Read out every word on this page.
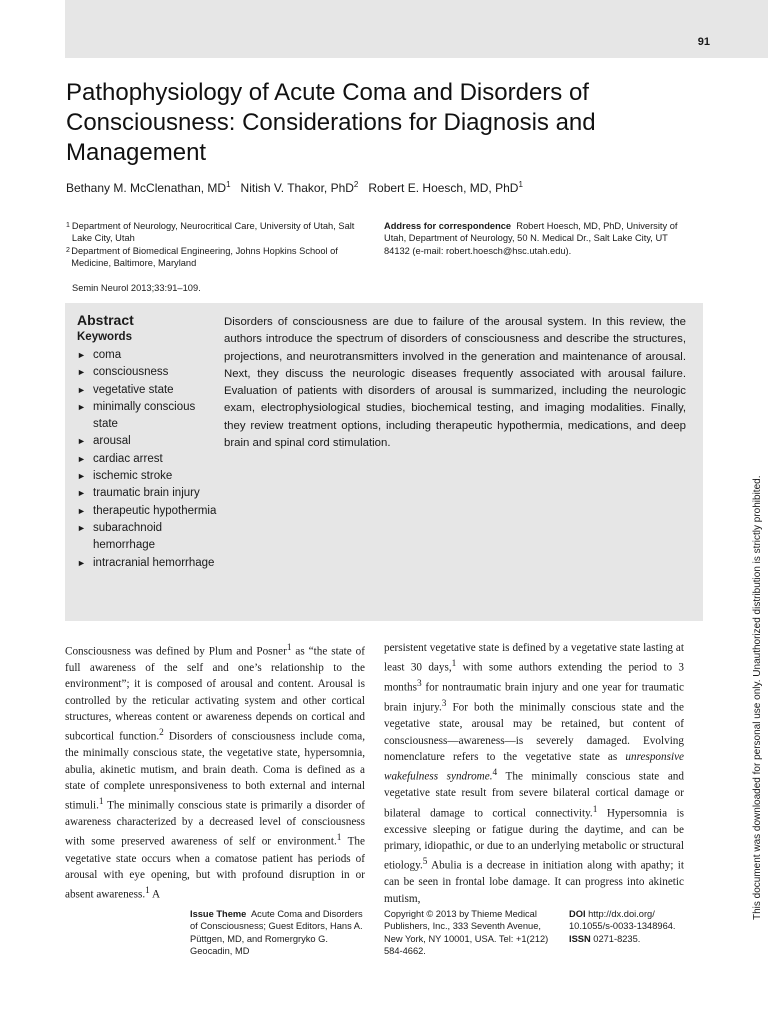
91
Pathophysiology of Acute Coma and Disorders of Consciousness: Considerations for Diagnosis and Management
Bethany M. McClenathan, $MD^1$ Nitish V. Thakor, PhD$^2$ Robert E. Hoesch, MD, PhD$^1$
1 Department of Neurology, Neurocritical Care, University of Utah, Salt Lake City, Utah
2 Department of Biomedical Engineering, Johns Hopkins School of Medicine, Baltimore, Maryland
Address for correspondence Robert Hoesch, MD, PhD, University of Utah, Department of Neurology, 50 N. Medical Dr., Salt Lake City, UT 84132 (e-mail: robert.hoesch@hsc.utah.edu).
Semin Neurol 2013;33:91–109.
Abstract
Keywords
► coma
► consciousness
► vegetative state
► minimally conscious state
► arousal
► cardiac arrest
► ischemic stroke
► traumatic brain injury
► therapeutic hypothermia
► subarachnoid hemorrhage
► intracranial hemorrhage
Disorders of consciousness are due to failure of the arousal system. In this review, the authors introduce the spectrum of disorders of consciousness and describe the structures, projections, and neurotransmitters involved in the generation and maintenance of arousal. Next, they discuss the neurologic diseases frequently associated with arousal failure. Evaluation of patients with disorders of arousal is summarized, including the neurologic exam, electrophysiological studies, biochemical testing, and imaging modalities. Finally, they review treatment options, including therapeutic hypothermia, medications, and deep brain and spinal cord stimulation.
Consciousness was defined by Plum and Posner$^1$ as “the state of full awareness of the self and one’s relationship to the environment”; it is composed of arousal and content. Arousal is controlled by the reticular activating system and other cortical structures, whereas content or awareness depends on cortical and subcortical function.$^2$ Disorders of consciousness include coma, the minimally conscious state, the vegetative state, hypersomnia, abulia, akinetic mutism, and brain death. Coma is defined as a state of complete unresponsiveness to both external and internal stimuli.$^1$ The minimally conscious state is primarily a disorder of awareness characterized by a decreased level of consciousness with some preserved awareness of self or environment.$^1$ The vegetative state occurs when a comatose patient has periods of arousal with eye opening, but with profound disruption in or absent awareness.$^1$ A
persistent vegetative state is defined by a vegetative state lasting at least 30 days,$^1$ with some authors extending the period to 3 months$^3$ for nontraumatic brain injury and one year for traumatic brain injury.$^3$ For both the minimally conscious state and the vegetative state, arousal may be retained, but content of consciousness—awareness—is severely damaged. Evolving nomenclature refers to the vegetative state as unresponsive wakefulness syndrome.$^4$ The minimally conscious state and vegetative state result from severe bilateral cortical damage or bilateral damage to cortical connectivity.$^1$ Hypersomnia is excessive sleeping or fatigue during the daytime, and can be primary, idiopathic, or due to an underlying metabolic or structural etiology.$^5$ Abulia is a decrease in initiation along with apathy; it can be seen in frontal lobe damage. It can progress into akinetic mutism,
Issue Theme Acute Coma and Disorders of Consciousness; Guest Editors, Hans A. Püttgen, MD, and Romergryko G. Geocadin, MD
Copyright © 2013 by Thieme Medical Publishers, Inc., 333 Seventh Avenue, New York, NY 10001, USA. Tel: +1(212) 584-4662.
DOI http://dx.doi.org/ 10.1055/s-0033-1348964.
ISSN 0271-8235.
This document was downloaded for personal use only. Unauthorized distribution is strictly prohibited.
